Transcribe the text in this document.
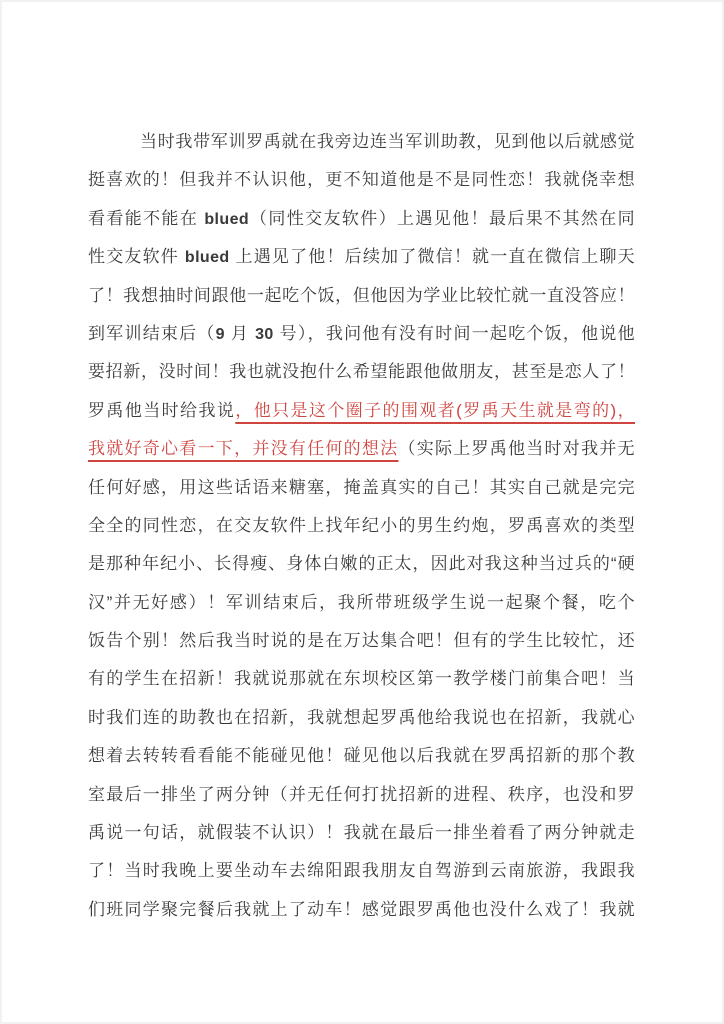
当时我带军训罗禹就在我旁边连当军训助教，见到他以后就感觉
挺喜欢的！但我并不认识他，更不知道他是不是同性恋！我就侥幸想
看看能不能在 blued（同性交友软件）上遇见他！最后果不其然在同
性交友软件 blued 上遇见了他！后续加了微信！就一直在微信上聊天
了！我想抽时间跟他一起吃个饭，但他因为学业比较忙就一直没答应！
到军训结束后（9 月 30 号），我问他有没有时间一起吃个饭，他说他
要招新，没时间！我也就没抱什么希望能跟他做朋友，甚至是恋人了！
罗禹他当时给我说，他只是这个圈子的围观者(罗禹天生就是弯的)，
我就好奇心看一下，并没有任何的想法（实际上罗禹他当时对我并无
任何好感，用这些话语来糖塞，掩盖真实的自己！其实自己就是完完
全全的同性恋，在交友软件上找年纪小的男生约炮，罗禹喜欢的类型
是那种年纪小、长得瘦、身体白嫩的正太，因此对我这种当过兵的“硬
汉”并无好感）！军训结束后，我所带班级学生说一起聚个餐，吃个
饭告个别！然后我当时说的是在万达集合吧！但有的学生比较忙，还
有的学生在招新！我就说那就在东坝校区第一教学楼门前集合吧！当
时我们连的助教也在招新，我就想起罗禹他给我说也在招新，我就心
想着去转转看看能不能碰见他！碰见他以后我就在罗禹招新的那个教
室最后一排坐了两分钟（并无任何打扰招新的进程、秩序，也没和罗
禹说一句话，就假装不认识）！我就在最后一排坐着看了两分钟就走
了！当时我晚上要坐动车去绵阳跟我朋友自驾游到云南旅游，我跟我
们班同学聚完餐后我就上了动车！感觉跟罗禹他也没什么戏了！我就
